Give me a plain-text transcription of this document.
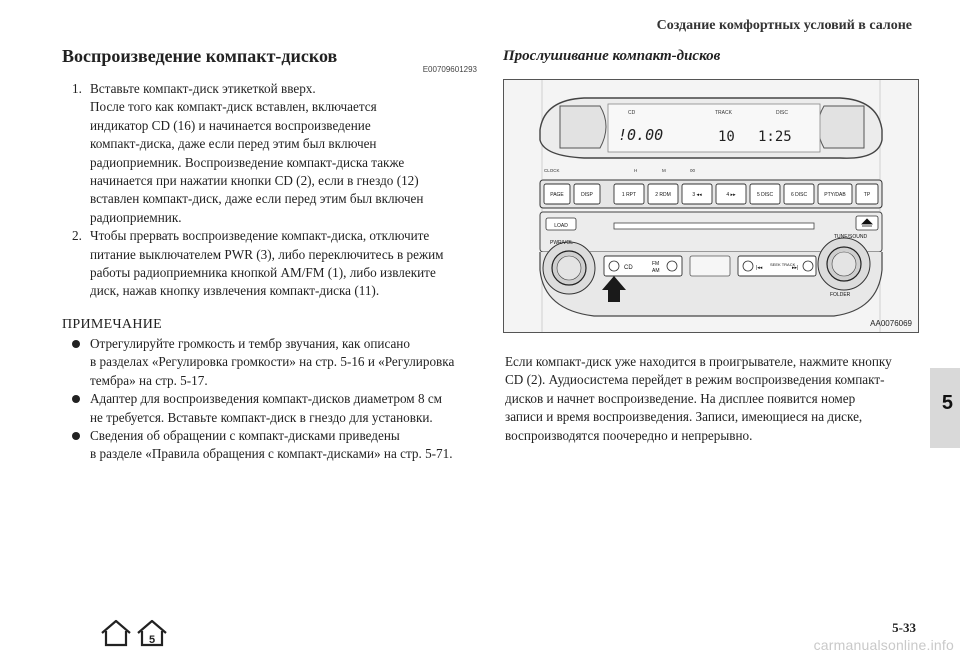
Создание комфортных условий в салоне
Воспроизведение компакт-дисков
E00709601293
1. Вставьте компакт-диск этикеткой вверх.
После того как компакт-диск вставлен, включается
индикатор CD (16) и начинается воспроизведение
компакт-диска, даже если перед этим был включен
радиоприемник. Воспроизведение компакт-диска также
начинается при нажатии кнопки CD (2), если в гнездо (12)
вставлен компакт-диск, даже если перед этим был включен
радиоприемник.
2. Чтобы прервать воспроизведение компакт-диска, отключите
питание выключателем PWR (3), либо переключитесь в режим
работы радиоприемника кнопкой AM/FM (1), либо извлеките
диск, нажав кнопку извлечения компакт-диска (11).
ПРИМЕЧАНИЕ
Отрегулируйте громкость и тембр звучания, как описано
в разделах «Регулировка громкости» на стр. 5-16 и «Регулировка
тембра» на стр. 5-17.
Адаптер для воспроизведения компакт-дисков диаметром 8 см
не требуется. Вставьте компакт-диск в гнездо для установки.
Сведения об обращении с компакт-дисками приведены
в разделе «Правила обращения с компакт-дисками» на стр. 5-71.
Прослушивание компакт-дисков
CD	TRACK	DISC
!0.00	10 1:25
CLOCK	H	M	00
PAGE	DISP	1 RPT	2 RDM	3 ◂◂	4 ▸▸	5 DISC	6 DISC	PTY/DAB	TP
LOAD
PWR/VOL
TUNE/SOUND
FOLDER
CD
FM
AM	|◂◂
SEEK TRACK
▸▸|
AA0076069
Если компакт-диск уже находится в проигрывателе, нажмите кнопку
CD (2). Аудиосистема перейдет в режим воспроизведения компакт-
дисков и начнет воспроизведение. На дисплее появится номер
записи и время воспроизведения. Записи, имеющиеся на диске,
воспроизводятся поочередно и непрерывно.
5
5
5-33
carmanualsonline.info
